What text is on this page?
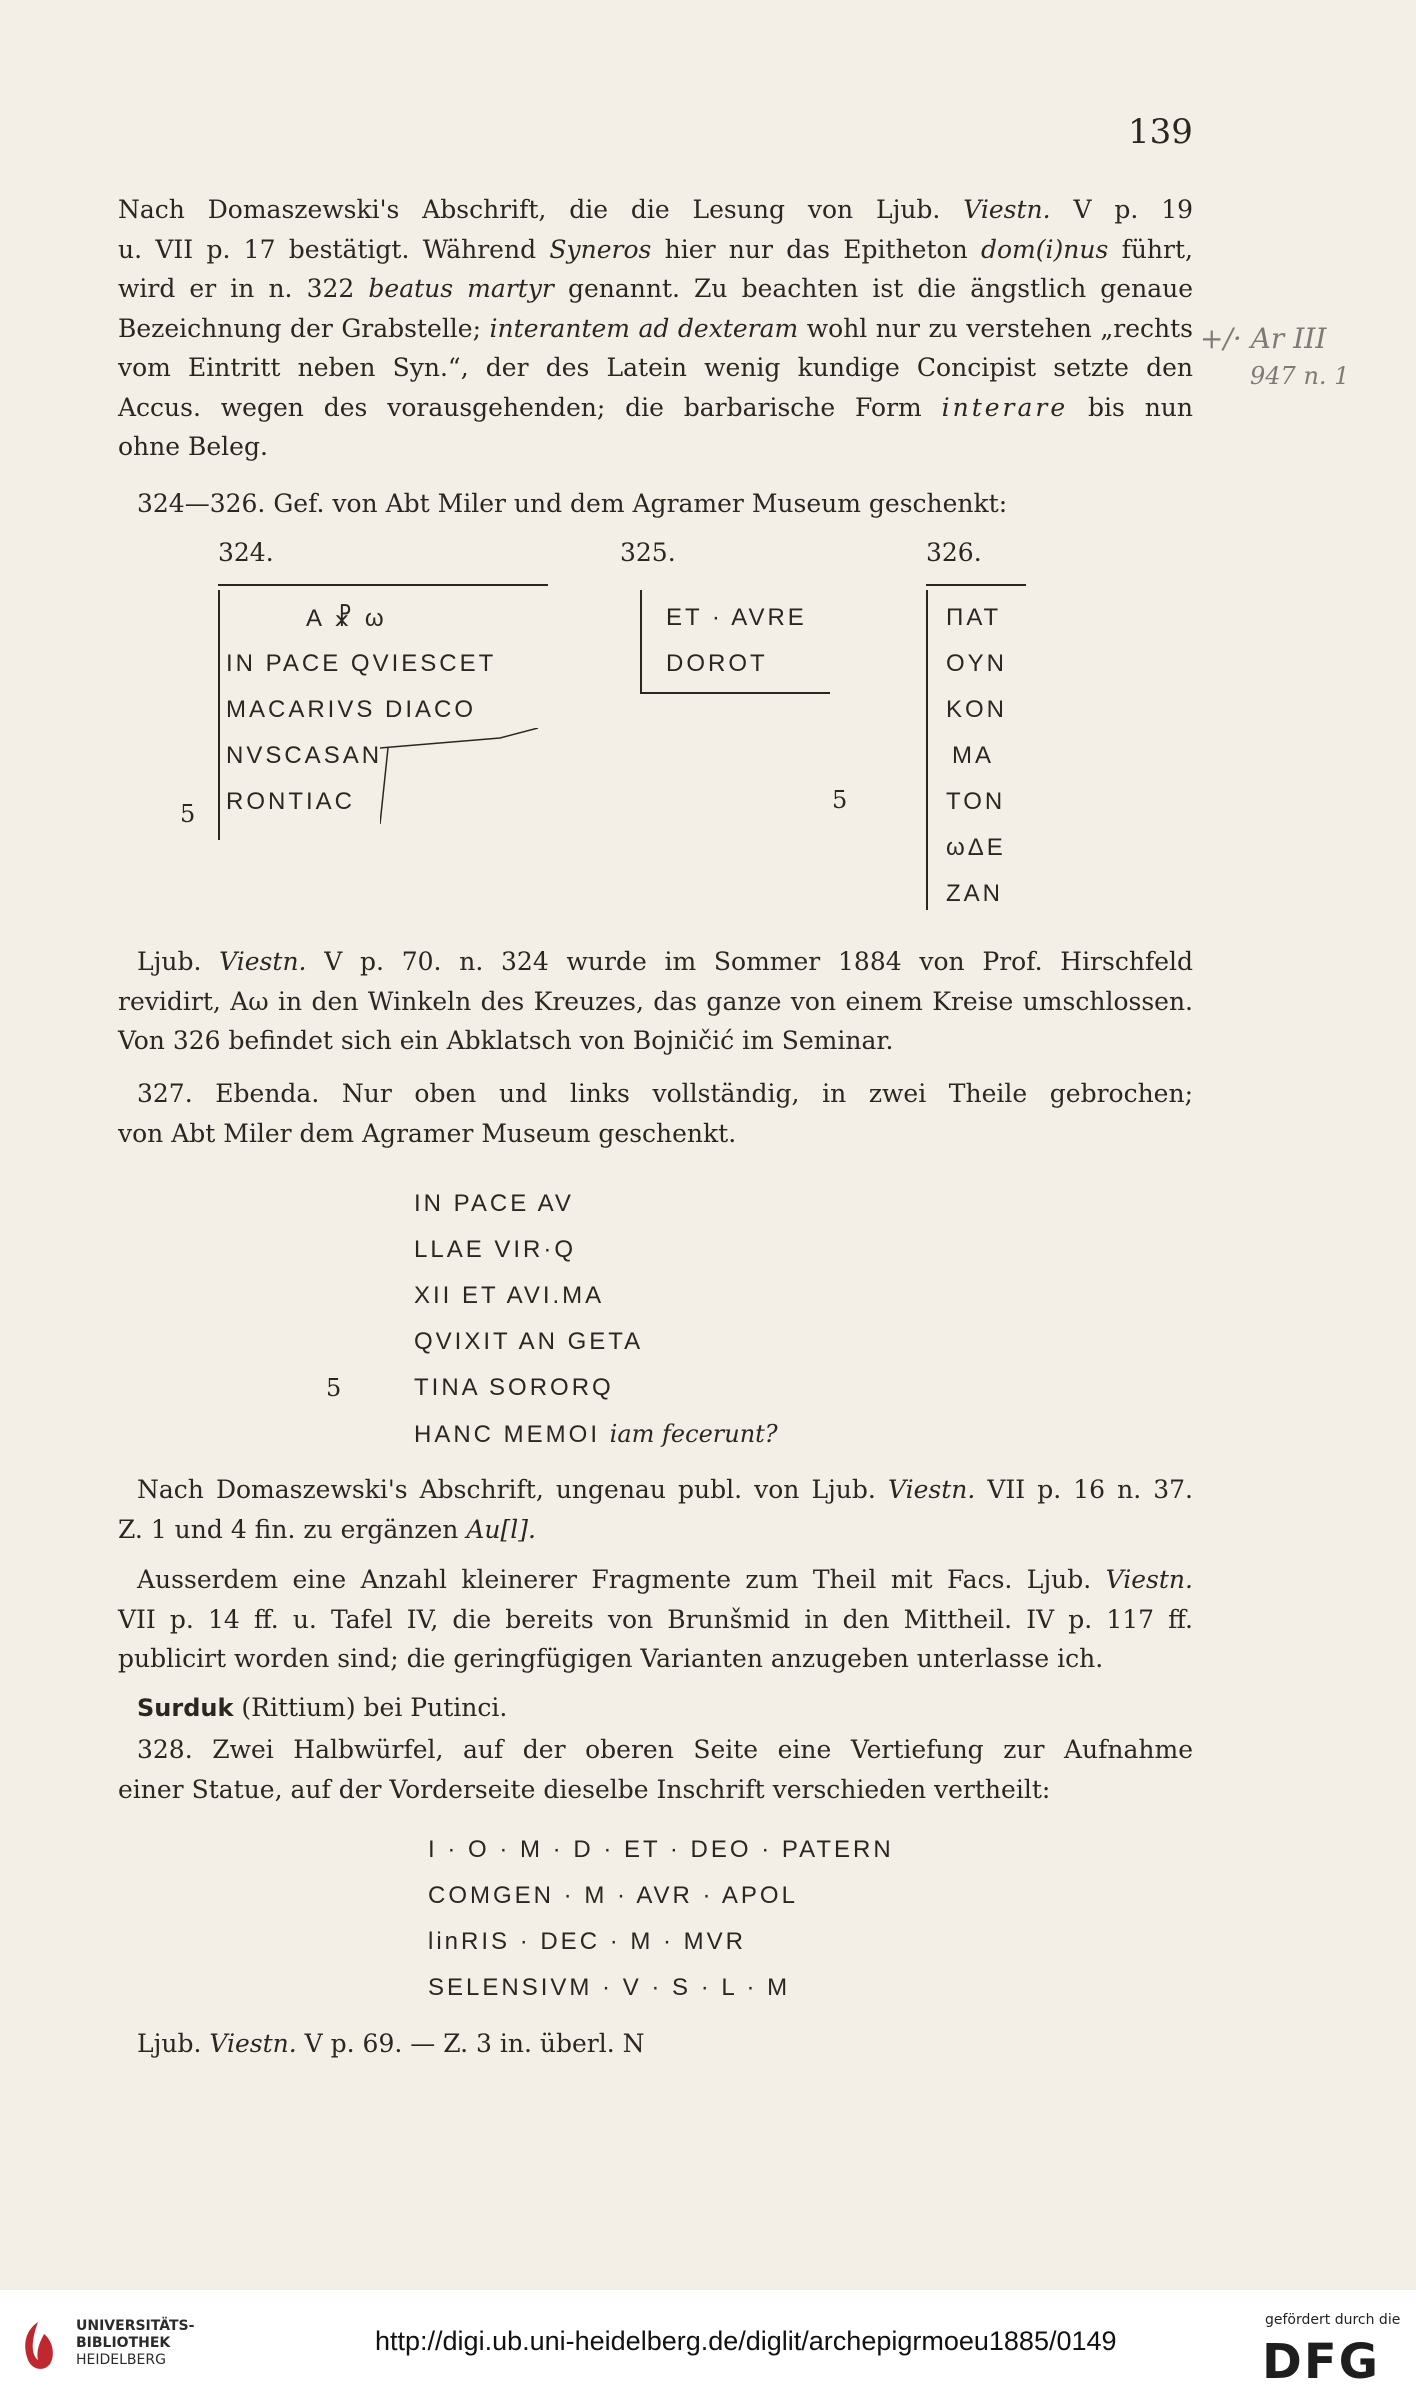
139
Nach Domaszewski's Abschrift, die die Lesung von Ljub. Viestn. V p. 19
u. VII p. 17 bestätigt. Während Syneros hier nur das Epitheton dom(i)nus führt,
wird er in n. 322 beatus martyr genannt. Zu beachten ist die ängstlich genaue
Bezeichnung der Grabstelle; interantem ad dexteram wohl nur zu verstehen „rechts
vom Eintritt neben Syn.“, der des Latein wenig kundige Concipist setzte den
Accus. wegen des vorausgehenden; die barbarische Form interare bis nun
ohne Beleg.
+/· Ar III
947 n. 1
324—326. Gef. von Abt Miler und dem Agramer Museum geschenkt:
324.
A ☧ ω
IN PACE QVIESCET
MACARIVS DIACO
NVSCASAN
RONTIAC
5
325.
ET · AVRE
DOROT
5
326.
ΠAT
OYN
KON
MA
TON
ωΔE
ZAN
Ljub. Viestn. V p. 70. n. 324 wurde im Sommer 1884 von Prof. Hirschfeld
revidirt, Aω in den Winkeln des Kreuzes, das ganze von einem Kreise umschlossen.
Von 326 befindet sich ein Abklatsch von Bojničić im Seminar.
327. Ebenda. Nur oben und links vollständig, in zwei Theile gebrochen;
von Abt Miler dem Agramer Museum geschenkt.
IN PACE AV
LLAE VIR·Q
XII ET AVI.MA
QVIXIT AN GETA
TINA SORORQ
HANC MEMOI iam fecerunt?
5
Nach Domaszewski's Abschrift, ungenau publ. von Ljub. Viestn. VII p. 16 n. 37.
Z. 1 und 4 fin. zu ergänzen Au[l].
Ausserdem eine Anzahl kleinerer Fragmente zum Theil mit Facs. Ljub. Viestn.
VII p. 14 ff. u. Tafel IV, die bereits von Brunšmid in den Mittheil. IV p. 117 ff.
publicirt worden sind; die geringfügigen Varianten anzugeben unterlasse ich.
Surduk (Rittium) bei Putinci.
328. Zwei Halbwürfel, auf der oberen Seite eine Vertiefung zur Aufnahme
einer Statue, auf der Vorderseite dieselbe Inschrift verschieden vertheilt:
I · O · M · D · ET · DEO · PATERN
COMGEN · M · AVR · APOL
linRIS · DEC · M · MVR
SELENSIVM · V · S · L · M
Ljub. Viestn. V p. 69. — Z. 3 in. überl. N
UNIVERSITÄTS-
BIBLIOTHEK
HEIDELBERG
http://digi.ub.uni-heidelberg.de/diglit/archepigrmoeu1885/0149
gefördert durch die
DFG
